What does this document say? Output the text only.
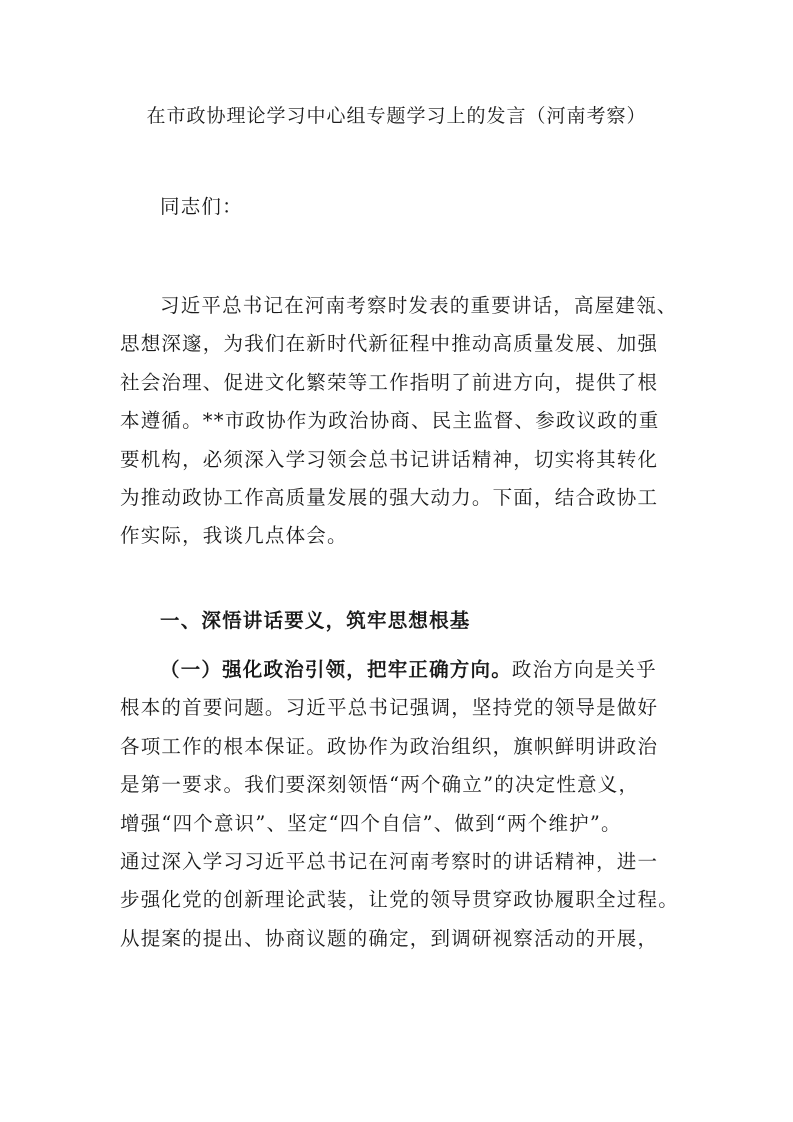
在市政协理论学习中心组专题学习上的发言（河南考察）
同志们：
习近平总书记在河南考察时发表的重要讲话，高屋建瓴、
思想深邃，为我们在新时代新征程中推动高质量发展、加强
社会治理、促进文化繁荣等工作指明了前进方向，提供了根
本遵循。**市政协作为政治协商、民主监督、参政议政的重
要机构，必须深入学习领会总书记讲话精神，切实将其转化
为推动政协工作高质量发展的强大动力。下面，结合政协工
作实际，我谈几点体会。
一、深悟讲话要义，筑牢思想根基
（一）强化政治引领，把牢正确方向。政治方向是关乎
根本的首要问题。习近平总书记强调，坚持党的领导是做好
各项工作的根本保证。政协作为政治组织，旗帜鲜明讲政治
是第一要求。我们要深刻领悟“两个确立”的决定性意义，
增强“四个意识”、坚定“四个自信”、做到“两个维护”。
通过深入学习习近平总书记在河南考察时的讲话精神，进一
步强化党的创新理论武装，让党的领导贯穿政协履职全过程。
从提案的提出、协商议题的确定，到调研视察活动的开展，
